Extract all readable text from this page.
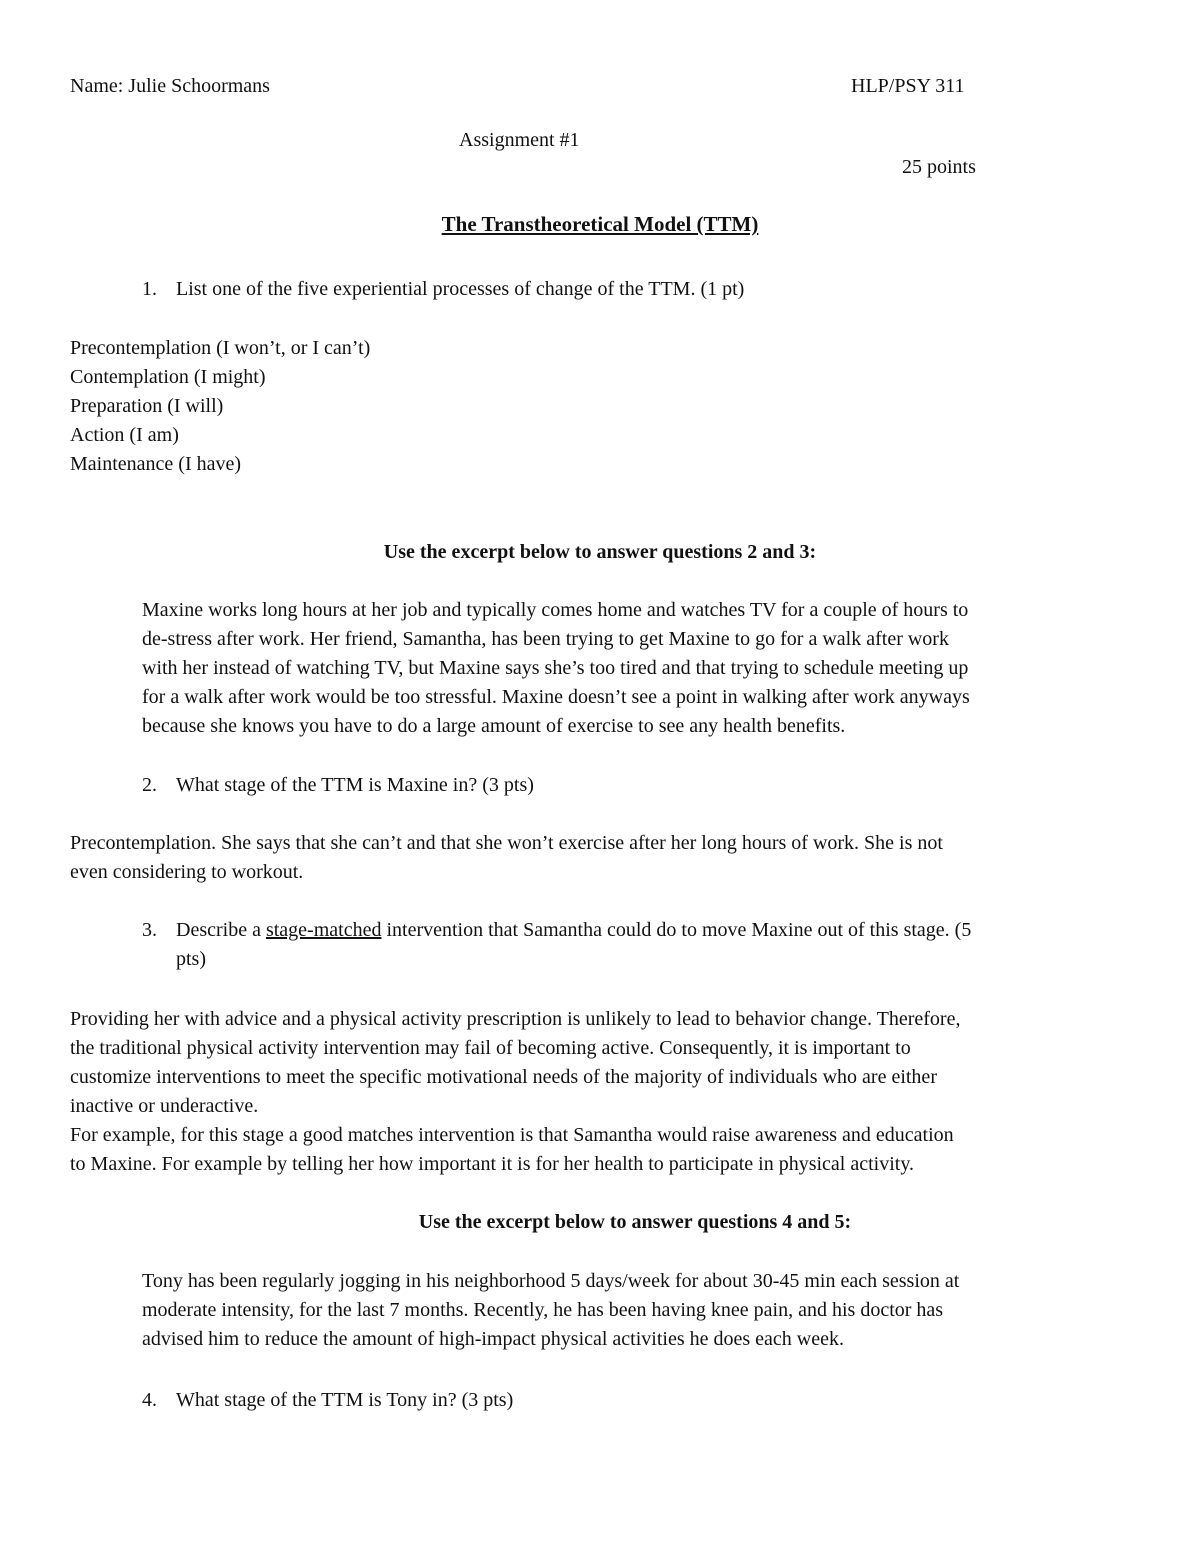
Name: Julie Schoormans	HLP/PSY 311
Assignment #1
25 points
The Transtheoretical Model (TTM)
1. List one of the five experiential processes of change of the TTM. (1 pt)
Precontemplation (I won’t, or I can’t)
Contemplation (I might)
Preparation (I will)
Action (I am)
Maintenance (I have)
Use the excerpt below to answer questions 2 and 3:
Maxine works long hours at her job and typically comes home and watches TV for a couple of hours to
de-stress after work. Her friend, Samantha, has been trying to get Maxine to go for a walk after work
with her instead of watching TV, but Maxine says she’s too tired and that trying to schedule meeting up
for a walk after work would be too stressful. Maxine doesn’t see a point in walking after work anyways
because she knows you have to do a large amount of exercise to see any health benefits.
2. What stage of the TTM is Maxine in? (3 pts)
Precontemplation. She says that she can’t and that she won’t exercise after her long hours of work. She is not
even considering to workout.
3. Describe a stage-matched intervention that Samantha could do to move Maxine out of this stage. (5
pts)
Providing her with advice and a physical activity prescription is unlikely to lead to behavior change. Therefore,
the traditional physical activity intervention may fail of becoming active. Consequently, it is important to
customize interventions to meet the specific motivational needs of the majority of individuals who are either
inactive or underactive.
For example, for this stage a good matches intervention is that Samantha would raise awareness and education
to Maxine. For example by telling her how important it is for her health to participate in physical activity.
Use the excerpt below to answer questions 4 and 5:
Tony has been regularly jogging in his neighborhood 5 days/week for about 30-45 min each session at
moderate intensity, for the last 7 months. Recently, he has been having knee pain, and his doctor has
advised him to reduce the amount of high-impact physical activities he does each week.
4. What stage of the TTM is Tony in? (3 pts)
